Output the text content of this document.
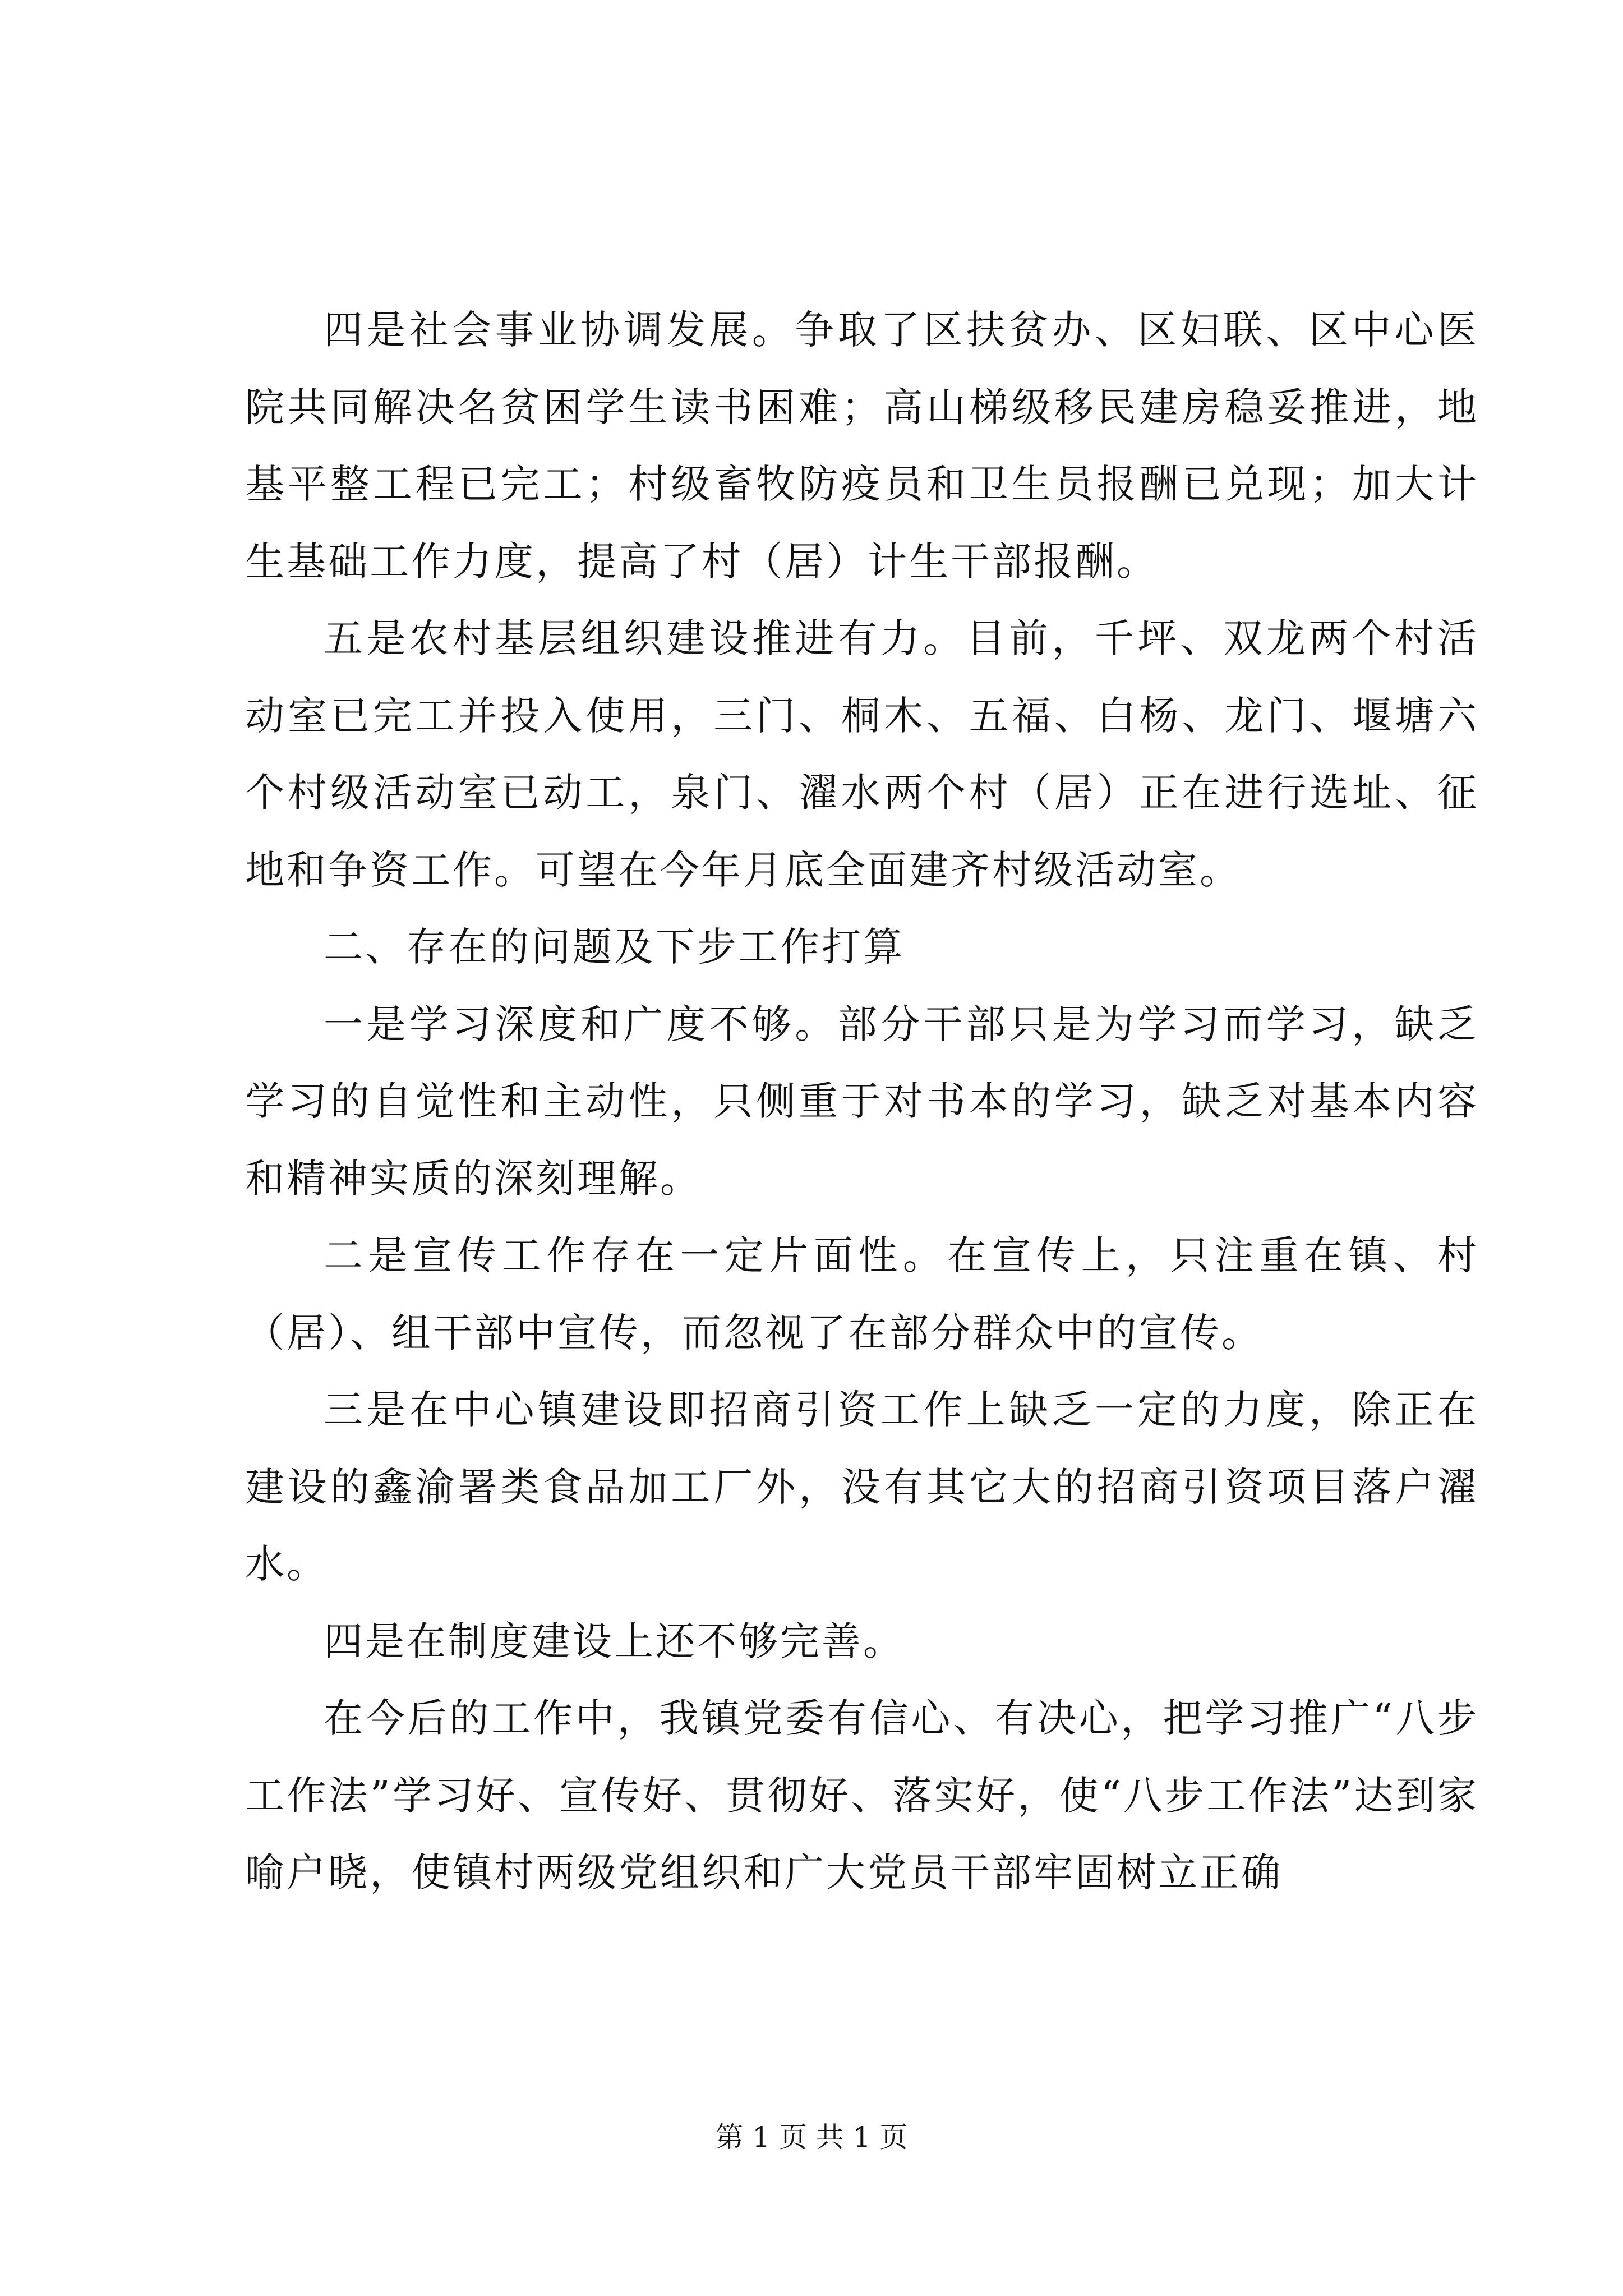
四是社会事业协调发展。争取了区扶贫办、区妇联、区中心医院共同解决名贫困学生读书困难；高山梯级移民建房稳妥推进，地基平整工程已完工；村级畜牧防疫员和卫生员报酬已兑现；加大计生基础工作力度，提高了村（居）计生干部报酬。

五是农村基层组织建设推进有力。目前，千坪、双龙两个村活动室已完工并投入使用，三门、桐木、五福、白杨、龙门、堰塘六个村级活动室已动工，泉门、濯水两个村（居）正在进行选址、征地和争资工作。可望在今年月底全面建齐村级活动室。

二、存在的问题及下步工作打算

一是学习深度和广度不够。部分干部只是为学习而学习，缺乏学习的自觉性和主动性，只侧重于对书本的学习，缺乏对基本内容和精神实质的深刻理解。

二是宣传工作存在一定片面性。在宣传上，只注重在镇、村（居）、组干部中宣传，而忽视了在部分群众中的宣传。

三是在中心镇建设即招商引资工作上缺乏一定的力度，除正在建设的鑫渝署类食品加工厂外，没有其它大的招商引资项目落户濯水。

四是在制度建设上还不够完善。

在今后的工作中，我镇党委有信心、有决心，把学习推广“八步工作法”学习好、宣传好、贯彻好、落实好，使“八步工作法”达到家喻户晓，使镇村两级党组织和广大党员干部牢固树立正确

第 1 页 共 1 页
